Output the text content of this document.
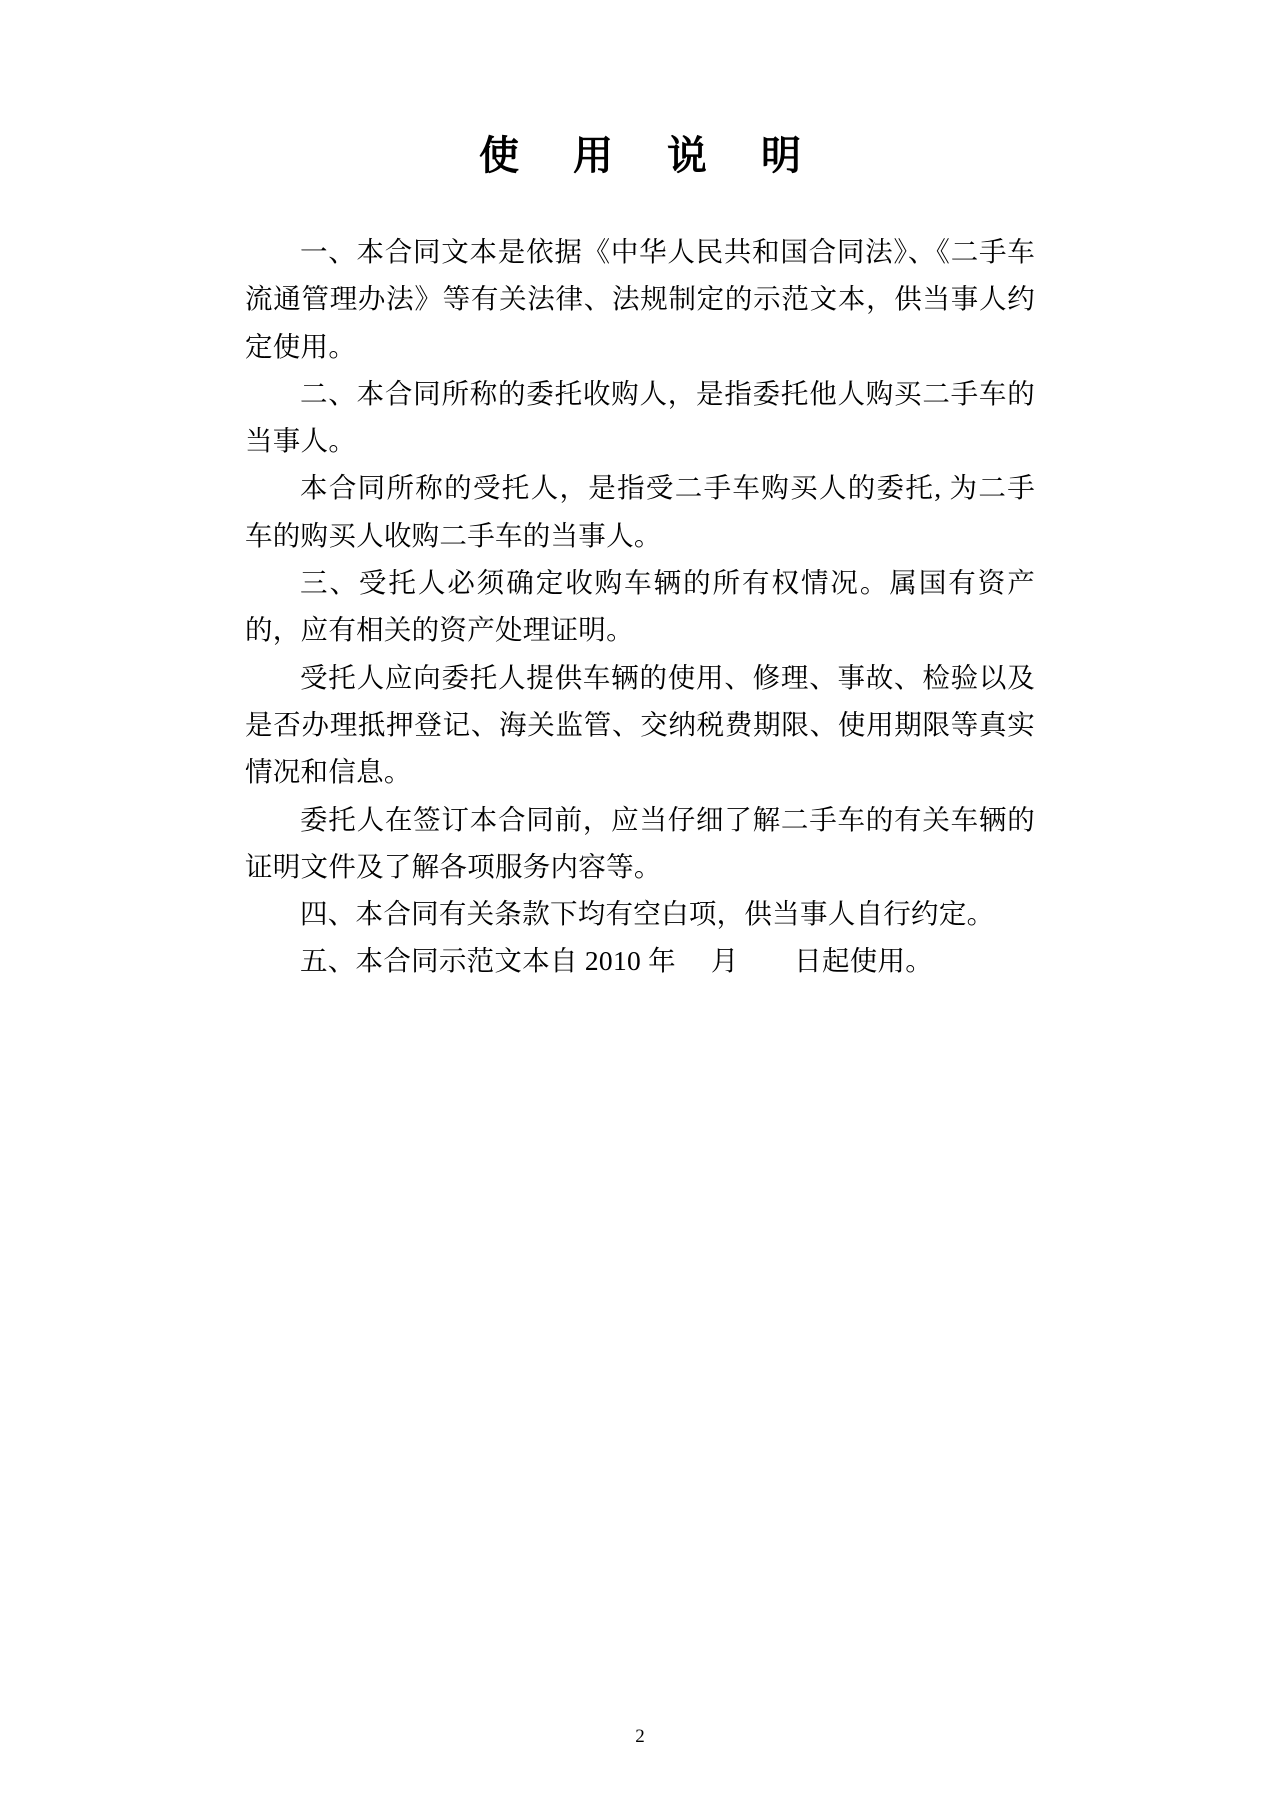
使 用 说 明

一、本合同文本是依据《中华人民共和国合同法》、《二手车流通管理办法》等有关法律、法规制定的示范文本，供当事人约定使用。

二、本合同所称的委托收购人，是指委托他人购买二手车的当事人。

本合同所称的受托人，是指受二手车购买人的委托, 为二手车的购买人收购二手车的当事人。

三、受托人必须确定收购车辆的所有权情况。属国有资产的，应有相关的资产处理证明。

受托人应向委托人提供车辆的使用、修理、事故、检验以及是否办理抵押登记、海关监管、交纳税费期限、使用期限等真实情况和信息。

委托人在签订本合同前，应当仔细了解二手车的有关车辆的证明文件及了解各项服务内容等。

四、本合同有关条款下均有空白项，供当事人自行约定。

五、本合同示范文本自 2010 年　 月　　日起使用。

2
